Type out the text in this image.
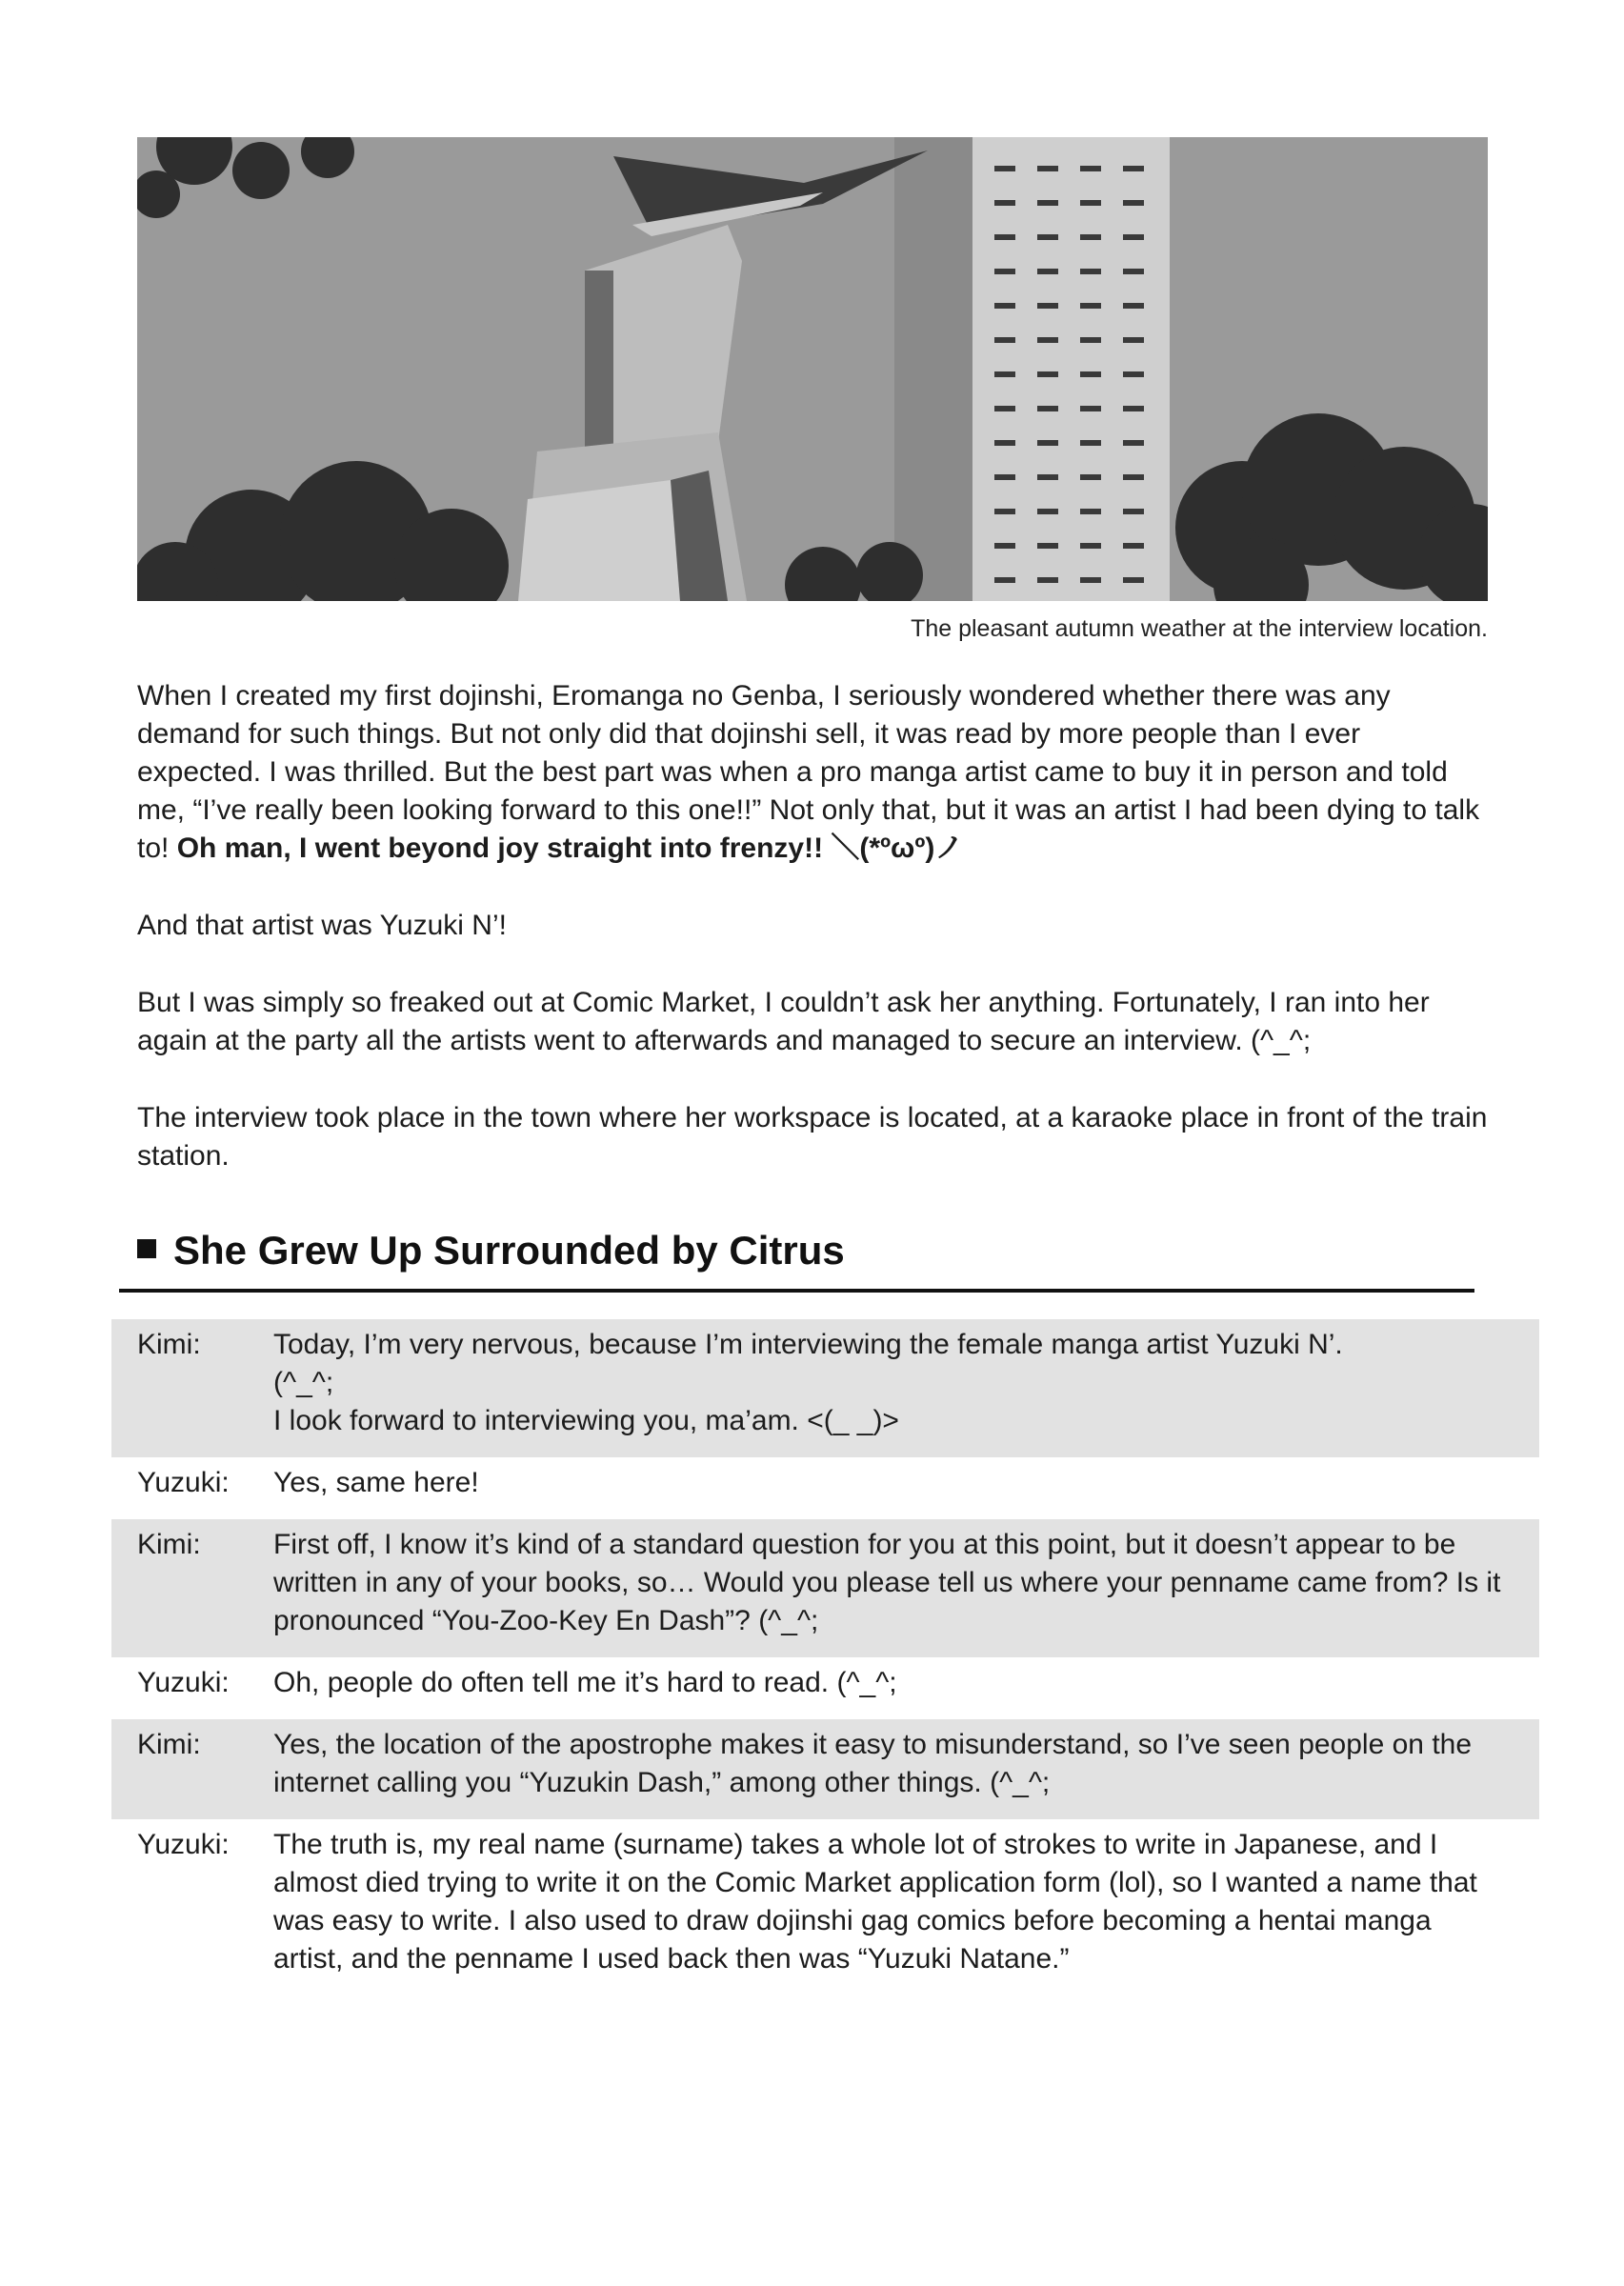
The pleasant autumn weather at the interview location.

When I created my first dojinshi, Eromanga no Genba, I seriously wondered whether there was any demand for such things. But not only did that dojinshi sell, it was read by more people than I ever expected. I was thrilled. But the best part was when a pro manga artist came to buy it in person and told me, “I’ve really been looking forward to this one!!” Not only that, but it was an artist I had been dying to talk to! Oh man, I went beyond joy straight into frenzy!! ＼(*ºωº)ノ

And that artist was Yuzuki N’!

But I was simply so freaked out at Comic Market, I couldn’t ask her anything. Fortunately, I ran into her again at the party all the artists went to afterwards and managed to secure an interview. (^_^;

The interview took place in the town where her workspace is located, at a karaoke place in front of the train station.

She Grew Up Surrounded by Citrus
Kimi:	Today, I’m very nervous, because I’m interviewing the female manga artist Yuzuki N’.
(^_^;
I look forward to interviewing you, ma’am. <(_ _)>
Yuzuki:	Yes, same here!
Kimi:	First off, I know it’s kind of a standard question for you at this point, but it doesn’t appear to be written in any of your books, so… Would you please tell us where your penname came from? Is it pronounced “You-Zoo-Key En Dash”? (^_^;
Yuzuki:	Oh, people do often tell me it’s hard to read. (^_^;
Kimi:	Yes, the location of the apostrophe makes it easy to misunderstand, so I’ve seen people on the internet calling you “Yuzukin Dash,” among other things. (^_^;
Yuzuki:	The truth is, my real name (surname) takes a whole lot of strokes to write in Japanese, and I almost died trying to write it on the Comic Market application form (lol), so I wanted a name that was easy to write. I also used to draw dojinshi gag comics before becoming a hentai manga artist, and the penname I used back then was “Yuzuki Natane.”
